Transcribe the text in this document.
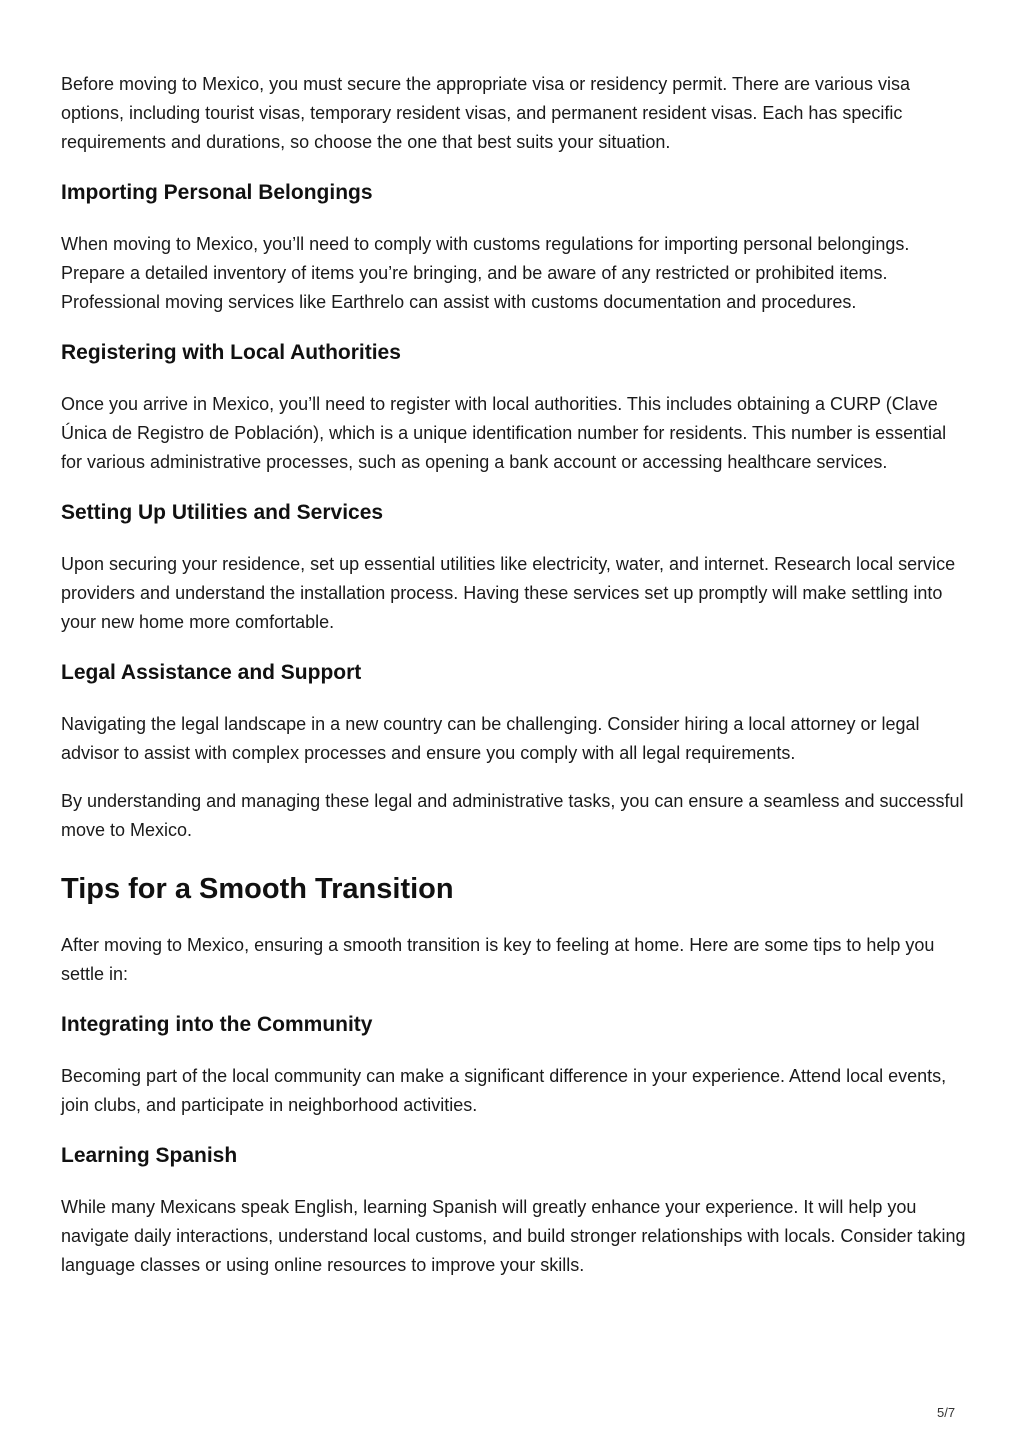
Before moving to Mexico, you must secure the appropriate visa or residency permit. There are various visa options, including tourist visas, temporary resident visas, and permanent resident visas. Each has specific requirements and durations, so choose the one that best suits your situation.

Importing Personal Belongings

When moving to Mexico, you’ll need to comply with customs regulations for importing personal belongings. Prepare a detailed inventory of items you’re bringing, and be aware of any restricted or prohibited items. Professional moving services like Earthrelo can assist with customs documentation and procedures.

Registering with Local Authorities

Once you arrive in Mexico, you’ll need to register with local authorities. This includes obtaining a CURP (Clave Única de Registro de Población), which is a unique identification number for residents. This number is essential for various administrative processes, such as opening a bank account or accessing healthcare services.

Setting Up Utilities and Services

Upon securing your residence, set up essential utilities like electricity, water, and internet. Research local service providers and understand the installation process. Having these services set up promptly will make settling into your new home more comfortable.

Legal Assistance and Support

Navigating the legal landscape in a new country can be challenging. Consider hiring a local attorney or legal advisor to assist with complex processes and ensure you comply with all legal requirements.

By understanding and managing these legal and administrative tasks, you can ensure a seamless and successful move to Mexico.

Tips for a Smooth Transition

After moving to Mexico, ensuring a smooth transition is key to feeling at home. Here are some tips to help you settle in:

Integrating into the Community

Becoming part of the local community can make a significant difference in your experience. Attend local events, join clubs, and participate in neighborhood activities.

Learning Spanish

While many Mexicans speak English, learning Spanish will greatly enhance your experience. It will help you navigate daily interactions, understand local customs, and build stronger relationships with locals. Consider taking language classes or using online resources to improve your skills.

5/7
